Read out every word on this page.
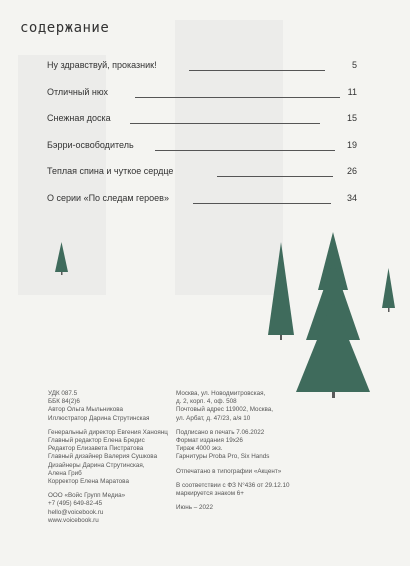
содержание
Ну здравствуй, проказник!	5
Отличный нюх	11
Снежная доска	15
Бэрри-освободитель	19
Теплая спина и чуткое сердце	26
О серии «По следам героев»	34
УДК 087.5
ББК 84(2)6
Автор Ольга Мыльникова
Иллюстратор Дарина Струтинская
Генеральный директор Евгения Ханоянц
Главный редактор Елена Бредис
Редактор Елизавета Пистратова
Главный дизайнер Валерия Сушкова
Дизайнеры Дарина Струтинская,
Алена Гриб
Корректор Елена Маратова
ООО «Войс Групп Медиа»
+7 (495) 649-82-45
hello@voicebook.ru
www.voicebook.ru
Москва, ул. Новодмитровская,
д. 2, корп. 4, оф. 508
Почтовый адрес 119002, Москва,
ул. Арбат, д. 47/23, а/я 10
Подписано в печать 7.06.2022
Формат издания 19х26
Тираж 4000 экз.
Гарнитуры Proba Pro, Six Hands
Отпечатано в типографии «Акцент»
В соответствии с ФЗ N°436 от 29.12.10
маркируется знаком 6+
Июнь – 2022
